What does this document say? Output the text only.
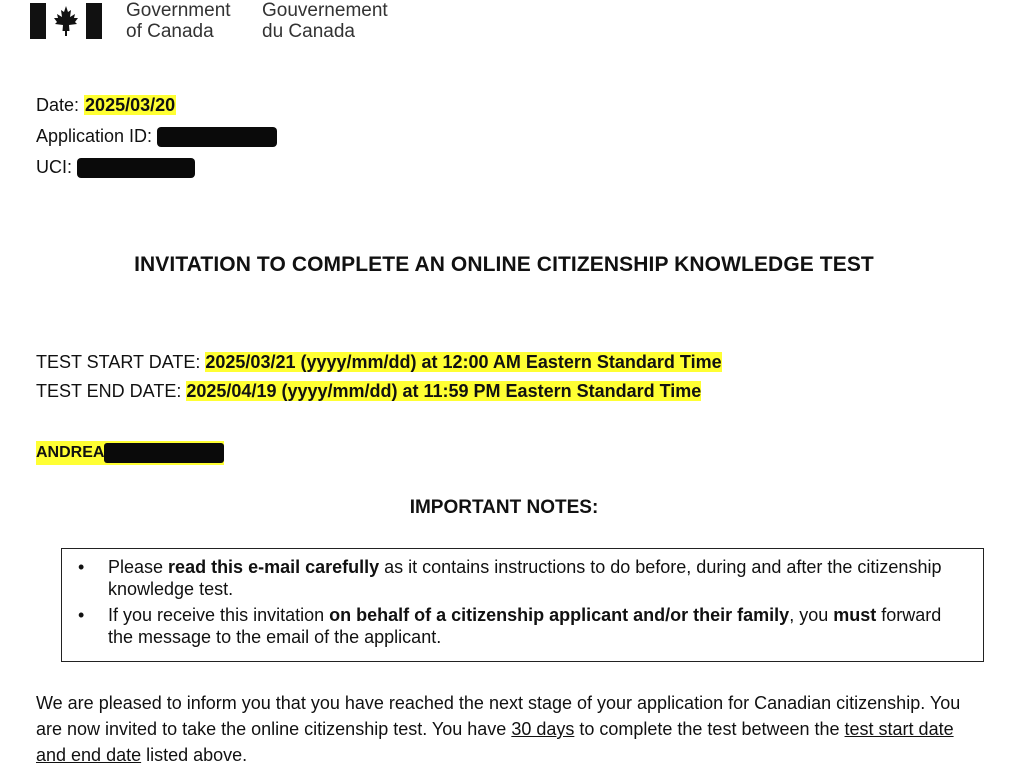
Government
of Canada
Gouvernement
du Canada
Date: 2025/03/20
Application ID:
UCI:
INVITATION TO COMPLETE AN ONLINE CITIZENSHIP KNOWLEDGE TEST
TEST START DATE: 2025/03/21 (yyyy/mm/dd) at 12:00 AM Eastern Standard Time
TEST END DATE: 2025/04/19 (yyyy/mm/dd) at 11:59 PM Eastern Standard Time
ANDREA
IMPORTANT NOTES:
• Please read this e-mail carefully as it contains instructions to do before, during and after the citizenship knowledge test.
• If you receive this invitation on behalf of a citizenship applicant and/or their family, you must forward the message to the email of the applicant.
We are pleased to inform you that you have reached the next stage of your application for Canadian citizenship. You are now invited to take the online citizenship test. You have 30 days to complete the test between the test start date and end date listed above.
